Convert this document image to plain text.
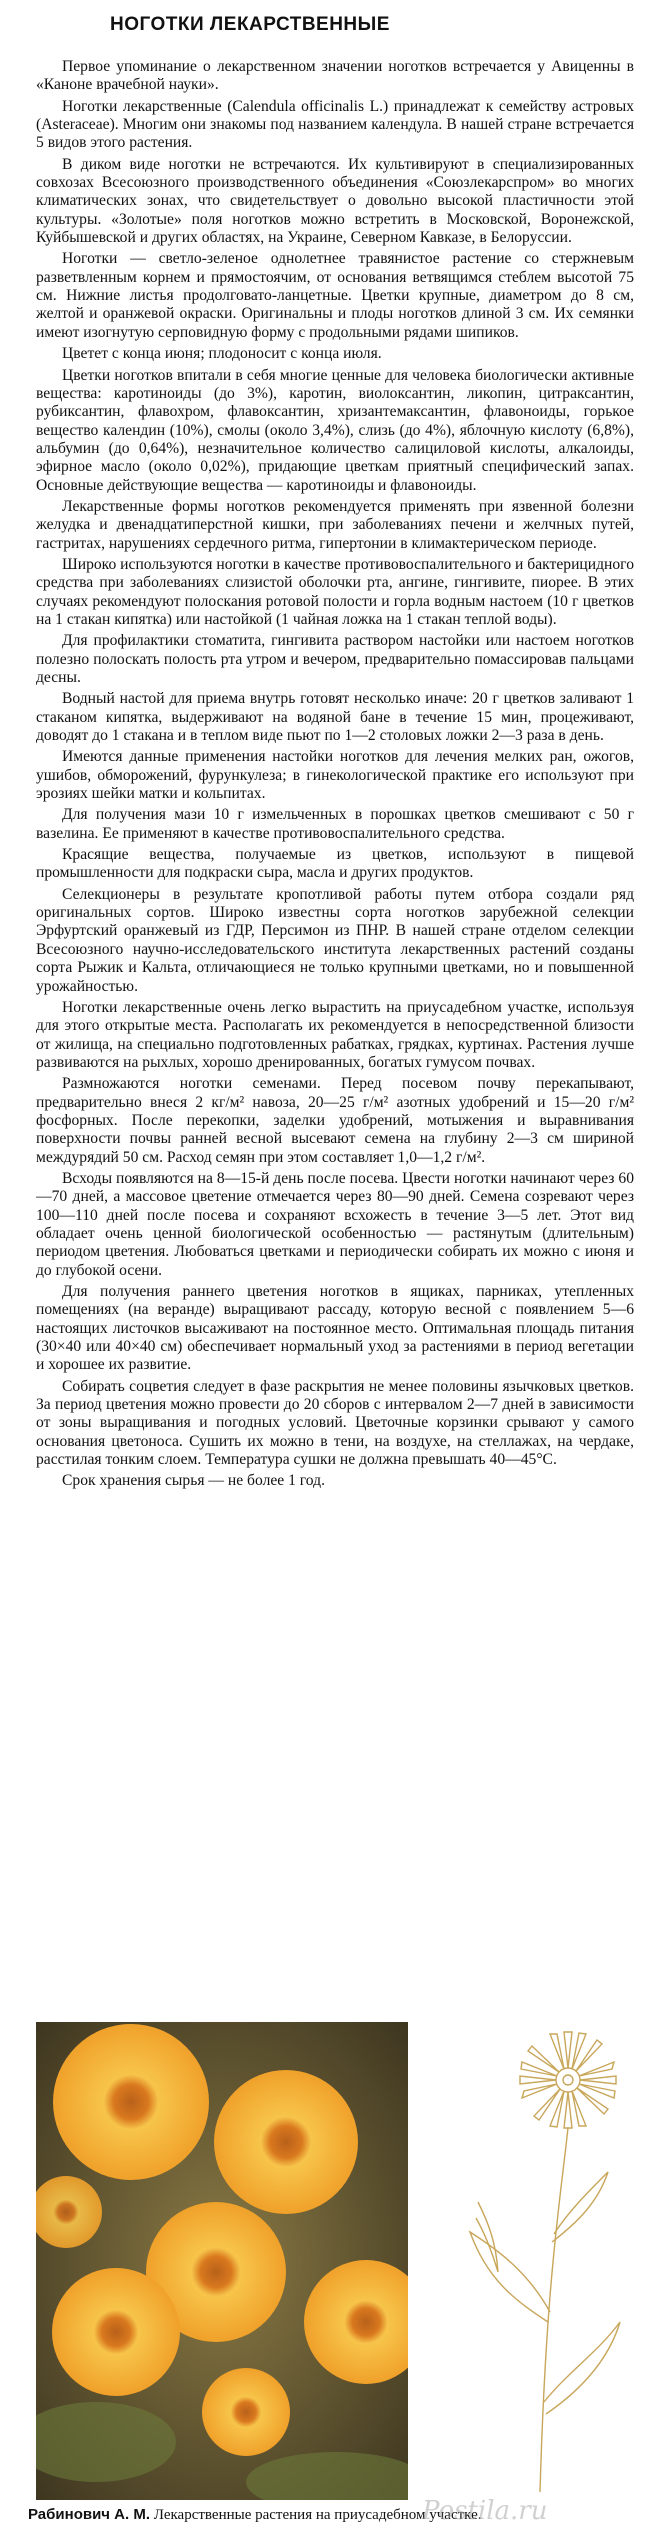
НОГОТКИ ЛЕКАРСТВЕННЫЕ

Первое упоминание о лекарственном значении ноготков встречается у Авиценны в «Каноне врачебной науки».

Ноготки лекарственные (Calendula officinalis L.) принадлежат к семейству астровых (Asteraceae). Многим они знакомы под названием календула. В нашей стране встречается 5 видов этого растения.

В диком виде ноготки не встречаются. Их культивируют в специализированных совхозах Всесоюзного производственного объединения «Союзлекарспром» во многих климатических зонах, что свидетельствует о довольно высокой пластичности этой культуры. «Золотые» поля ноготков можно встретить в Московской, Воронежской, Куйбышевской и других областях, на Украине, Северном Кавказе, в Белоруссии.

Ноготки — светло-зеленое однолетнее травянистое растение со стержневым разветвленным корнем и прямостоячим, от основания ветвящимся стеблем высотой 75 см. Нижние листья продолговато-ланцетные. Цветки крупные, диаметром до 8 см, желтой и оранжевой окраски. Оригинальны и плоды ноготков длиной 3 см. Их семянки имеют изогнутую серповидную форму с продольными рядами шипиков.

Цветет с конца июня; плодоносит с конца июля.

Цветки ноготков впитали в себя многие ценные для человека биологически активные вещества: каротиноиды (до 3%), каротин, виолоксантин, ликопин, цитраксантин, рубиксантин, флавохром, флавоксантин, хризантемаксантин, флавоноиды, горькое вещество календин (10%), смолы (около 3,4%), слизь (до 4%), яблочную кислоту (6,8%), альбумин (до 0,64%), незначительное количество салициловой кислоты, алкалоиды, эфирное масло (около 0,02%), придающие цветкам приятный специфический запах. Основные действующие вещества — каротиноиды и флавоноиды.

Лекарственные формы ноготков рекомендуется применять при язвенной болезни желудка и двенадцатиперстной кишки, при заболеваниях печени и желчных путей, гастритах, нарушениях сердечного ритма, гипертонии в климактерическом периоде.

Широко используются ноготки в качестве противовоспалительного и бактерицидного средства при заболеваниях слизистой оболочки рта, ангине, гингивите, пиорее. В этих случаях рекомендуют полоскания ротовой полости и горла водным настоем (10 г цветков на 1 стакан кипятка) или настойкой (1 чайная ложка на 1 стакан теплой воды).

Для профилактики стоматита, гингивита раствором настойки или настоем ноготков полезно полоскать полость рта утром и вечером, предварительно помассировав пальцами десны.

Водный настой для приема внутрь готовят несколько иначе: 20 г цветков заливают 1 стаканом кипятка, выдерживают на водяной бане в течение 15 мин, процеживают, доводят до 1 стакана и в теплом виде пьют по 1—2 столовых ложки 2—3 раза в день.

Имеются данные применения настойки ноготков для лечения мелких ран, ожогов, ушибов, обморожений, фурункулеза; в гинекологической практике его используют при эрозиях шейки матки и кольпитах.

Для получения мази 10 г измельченных в порошках цветков смешивают с 50 г вазелина. Ее применяют в качестве противовоспалительного средства.

Красящие вещества, получаемые из цветков, используют в пищевой промышленности для подкраски сыра, масла и других продуктов.

Селекционеры в результате кропотливой работы путем отбора создали ряд оригинальных сортов. Широко известны сорта ноготков зарубежной селекции Эрфуртский оранжевый из ГДР, Персимон из ПНР. В нашей стране отделом селекции Всесоюзного научно-исследовательского института лекарственных растений созданы сорта Рыжик и Кальта, отличающиеся не только крупными цветками, но и повышенной урожайностью.

Ноготки лекарственные очень легко вырастить на приусадебном участке, используя для этого открытые места. Располагать их рекомендуется в непосредственной близости от жилища, на специально подготовленных рабатках, грядках, куртинах. Растения лучше развиваются на рыхлых, хорошо дренированных, богатых гумусом почвах.

Размножаются ноготки семенами. Перед посевом почву перекапывают, предварительно внеся 2 кг/м² навоза, 20—25 г/м² азотных удобрений и 15—20 г/м² фосфорных. После перекопки, заделки удобрений, мотыжения и выравнивания поверхности почвы ранней весной высевают семена на глубину 2—3 см шириной междурядий 50 см. Расход семян при этом составляет 1,0—1,2 г/м².

Всходы появляются на 8—15-й день после посева. Цвести ноготки начинают через 60—70 дней, а массовое цветение отмечается через 80—90 дней. Семена созревают через 100—110 дней после посева и сохраняют всхожесть в течение 3—5 лет. Этот вид обладает очень ценной биологической особенностью — растянутым (длительным) периодом цветения. Любоваться цветками и периодически собирать их можно с июня и до глубокой осени.

Для получения раннего цветения ноготков в ящиках, парниках, утепленных помещениях (на веранде) выращивают рассаду, которую весной с появлением 5—6 настоящих листочков высаживают на постоянное место. Оптимальная площадь питания (30×40 или 40×40 см) обеспечивает нормальный уход за растениями в период вегетации и хорошее их развитие.

Собирать соцветия следует в фазе раскрытия не менее половины язычковых цветков. За период цветения можно провести до 20 сборов с интервалом 2—7 дней в зависимости от зоны выращивания и погодных условий. Цветочные корзинки срывают у самого основания цветоноса. Сушить их можно в тени, на воздухе, на стеллажах, на чердаке, расстилая тонким слоем. Температура сушки не должна превышать 40—45°С.

Срок хранения сырья — не более 1 год.

Рабинович А. М. Лекарственные растения на приусадебном участке.
Postila.ru
